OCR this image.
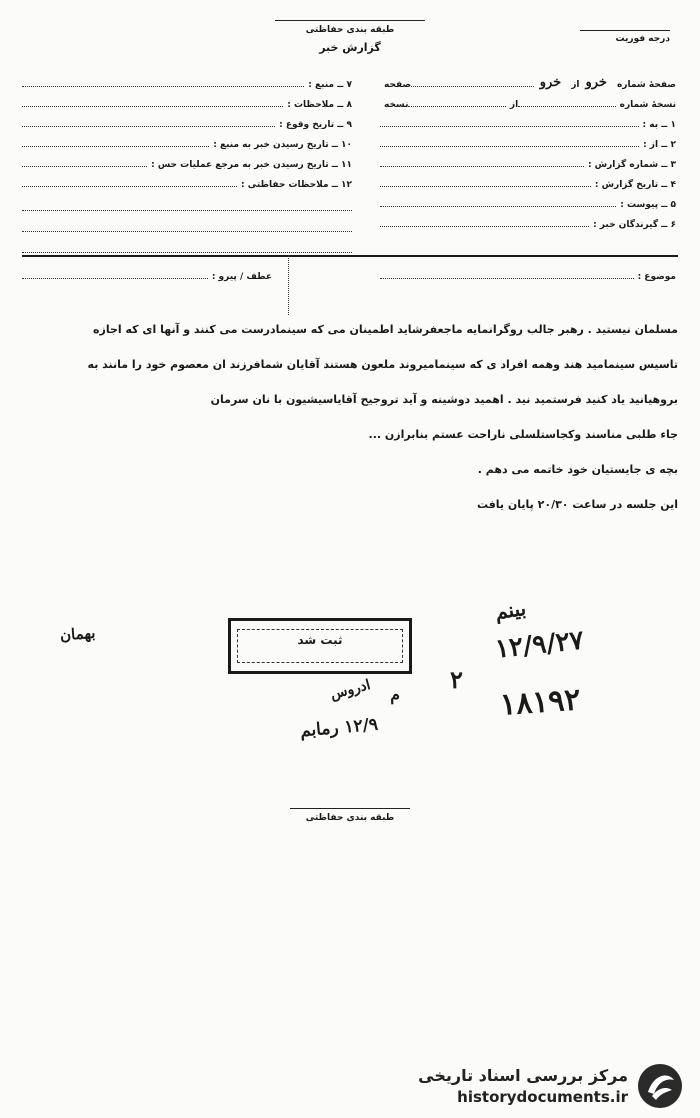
طبقه بندی حفاظتی
گزارش خبر
درجه فوریت
صفحهٔ شماره
خرو
از
خرو
صفحه
نسخهٔ شماره
از
نسخه
۱ ــ به :
۲ ــ از :
۳ ــ شماره گزارش :
۴ ــ تاریخ گزارش :
۵ ــ پیوست :
۶ ــ گیرندگان خبر :
۷ ــ منبع :
۸ ــ ملاحظات :
۹ ــ تاریخ وقوع :
۱۰ ــ تاریخ رسیدن خبر به منبع :
۱۱ ــ تاریخ رسیدن خبر به مرجع عملیات حس :
۱۲ ــ ملاحظات حفاظتی :
موضوع :
عطف / پیرو :

مسلمان نیستید . رهبر جالب روگرانمایه ماجعفرشاید اطمینان می که سینمادرست می کنند و آنها ای که اجازه

تاسیس سینمامید هند وهمه افراد ی که سینمامیروند ملعون هستند آقایان شمافرزند ان معصوم خود را مانند به

بروهیانید یاد کنید فرستمید نید . اهمید دوشینه و آید تروجیح آقایاسیشیون با نان سرمان

جاء طلبی مناسند وکجاستلسلی ناراحت عستم بنابرازن ...

بچه ی جایستیان خود خاتمه می دهم .

این جلسه در ساعت ۲۰/۳۰ پایان یافت

بهمان	ثبت شد
بینم
۱۲/۹/۲۷
۲
۱۸۱۹۲
م
ادروس
۱۲/۹ رمابم
طبقه بندی حفاظتی
مرکز بررسی اسناد تاریخی
historydocuments.ir
